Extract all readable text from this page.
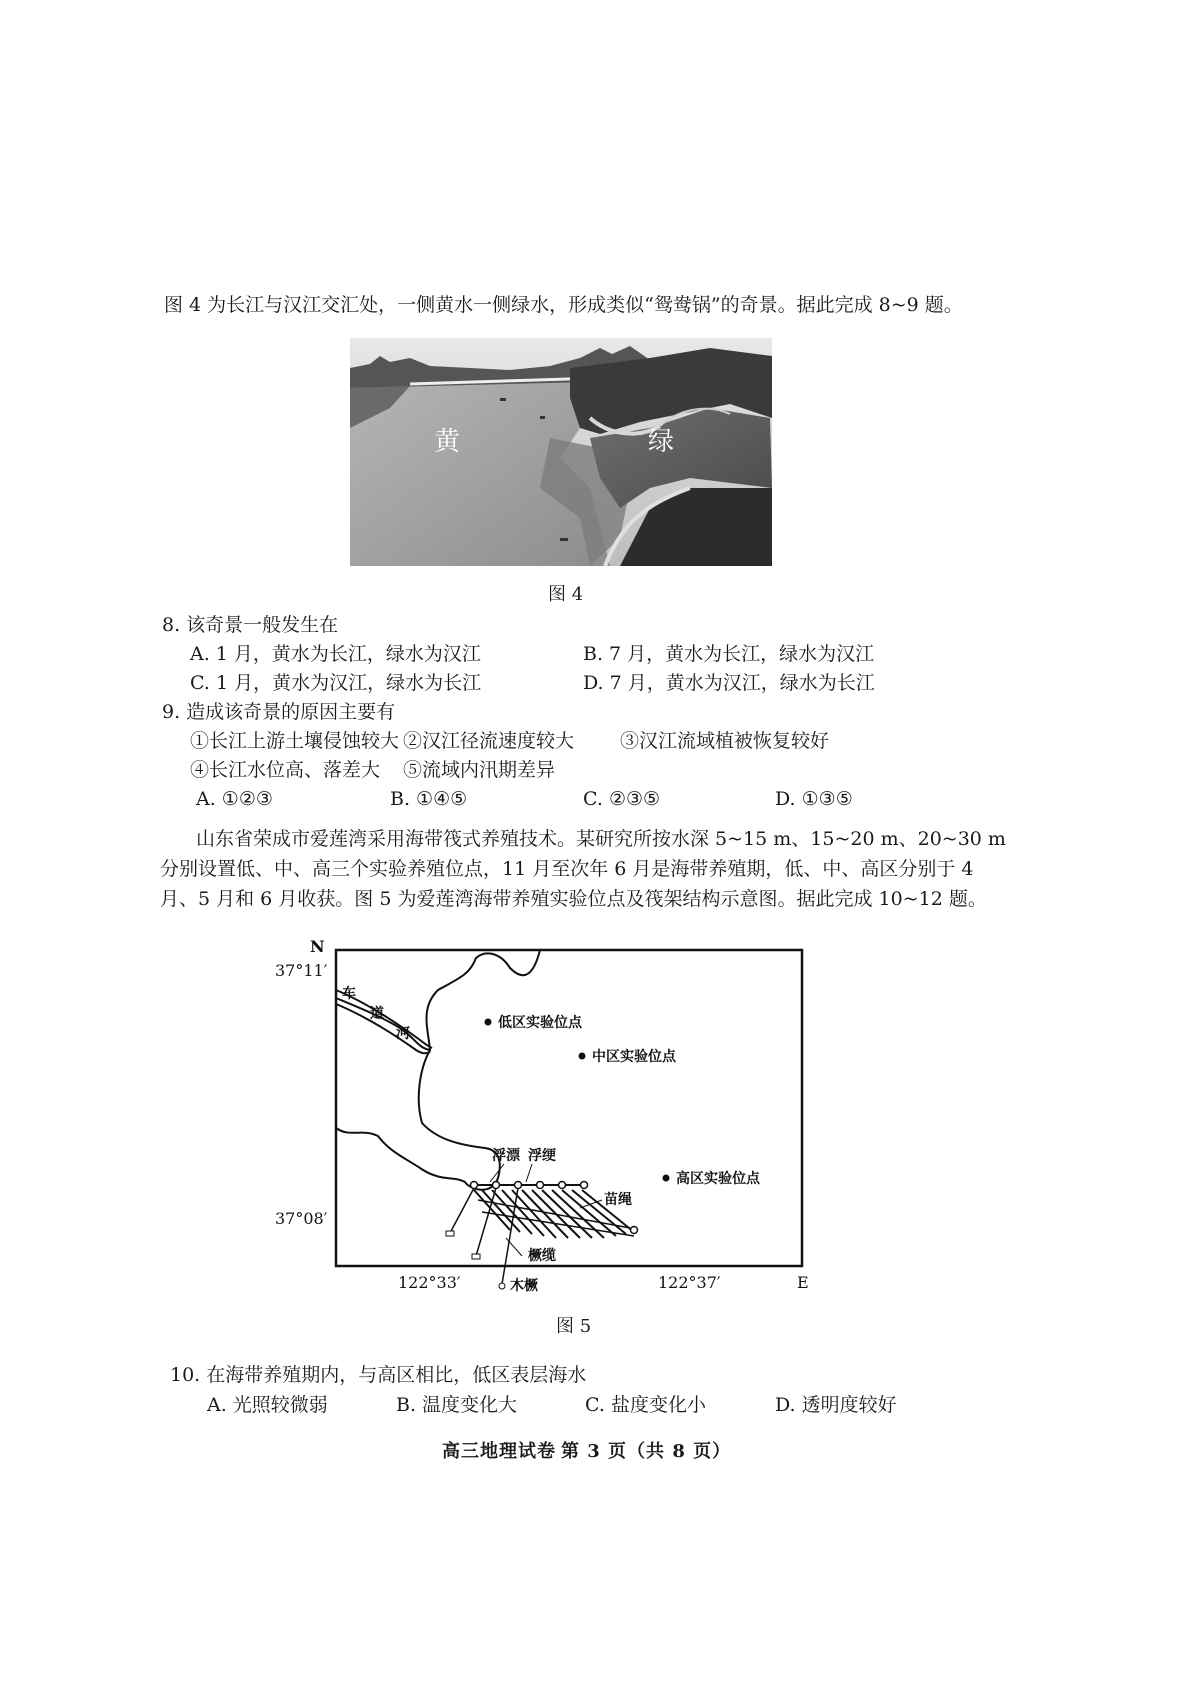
图 4 为长江与汉江交汇处，一侧黄水一侧绿水，形成类似“鸳鸯锅”的奇景。据此完成 8~9 题。
黄	绿
图 4
8. 该奇景一般发生在
A. 1 月，黄水为长江，绿水为汉江	B. 7 月，黄水为长江，绿水为汉江
C. 1 月，黄水为汉江，绿水为长江	D. 7 月，黄水为汉江，绿水为长江
9. 造成该奇景的原因主要有
①长江上游土壤侵蚀较大 ②汉江径流速度较大 ③汉江流域植被恢复较好
④长江水位高、落差大 ⑤流域内汛期差异
A. ①②③	B. ①④⑤	C. ②③⑤	D. ①③⑤
山东省荣成市爱莲湾采用海带筏式养殖技术。某研究所按水深 5~15 m、15~20 m、20~30 m
分别设置低、中、高三个实验养殖位点，11 月至次年 6 月是海带养殖期，低、中、高区分别于 4
月、5 月和 6 月收获。图 5 为爱莲湾海带养殖实验位点及筏架结构示意图。据此完成 10~12 题。
车
道
河
低区实验位点
中区实验位点
高区实验位点
浮漂 浮绠
苗绳
橛缆
木橛
N
37°11′
37°08′
122°33′	122°37′	E
图 5
10. 在海带养殖期内，与高区相比，低区表层海水
A. 光照较微弱	B. 温度变化大	C. 盐度变化小	D. 透明度较好
高三地理试卷 第 3 页（共 8 页）
